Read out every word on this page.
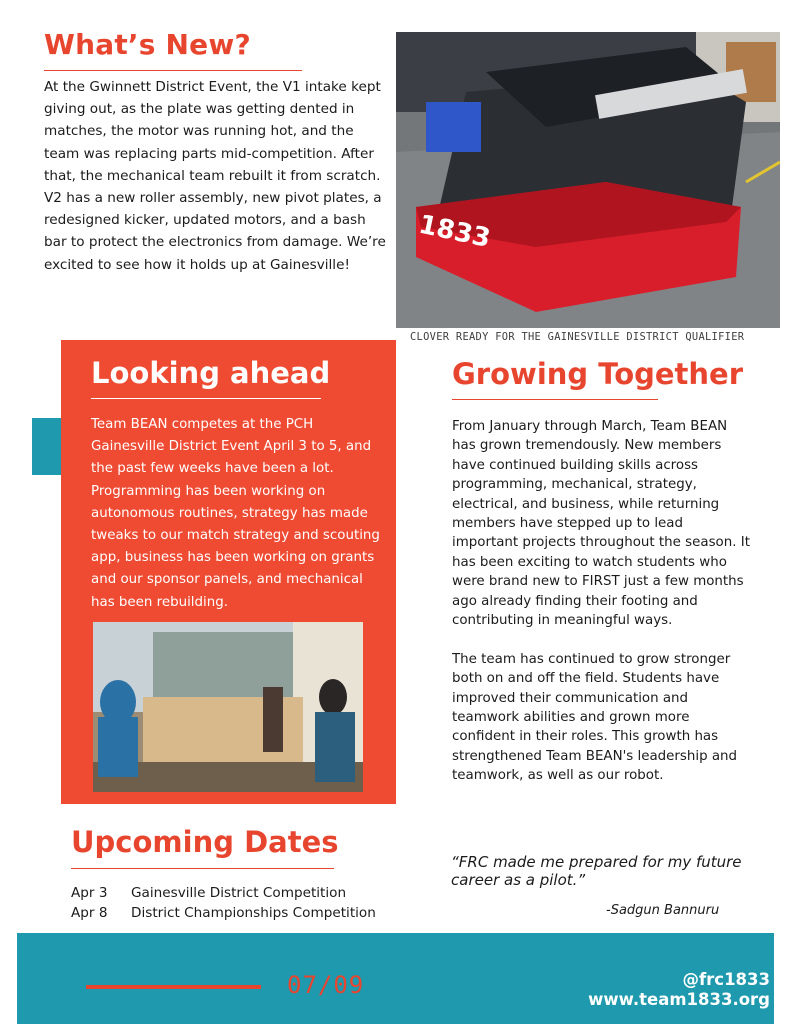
What’s New?
At the Gwinnett District Event, the V1 intake kept giving out, as the plate was getting dented in matches, the motor was running hot, and the team was replacing parts mid-competition. After that, the mechanical team rebuilt it from scratch. V2 has a new roller assembly, new pivot plates, a redesigned kicker, updated motors, and a bash bar to protect the electronics from damage. We’re excited to see how it holds up at Gainesville!
1833
CLOVER READY FOR THE GAINESVILLE DISTRICT QUALIFIER
Looking ahead
Team BEAN competes at the PCH Gainesville District Event April 3 to 5, and the past few weeks have been a lot. Programming has been working on autonomous routines, strategy has made tweaks to our match strategy and scouting app, business has been working on grants and our sponsor panels, and mechanical has been rebuilding.
Growing Together

From January through March, Team BEAN has grown tremendously. New members have continued building skills across programming, mechanical, strategy, electrical, and business, while returning members have stepped up to lead important projects throughout the season. It has been exciting to watch students who were brand new to FIRST just a few months ago already finding their footing and contributing in meaningful ways.

The team has continued to grow stronger both on and off the field. Students have improved their communication and teamwork abilities and grown more confident in their roles. This growth has strengthened Team BEAN's leadership and teamwork, as well as our robot.

“FRC made me prepared for my future career as a pilot.”
-Sadgun Bannuru
Upcoming Dates
Apr 3	Gainesville District Competition
Apr 8	District Championships Competition
07/09	@frc1833
www.team1833.org
